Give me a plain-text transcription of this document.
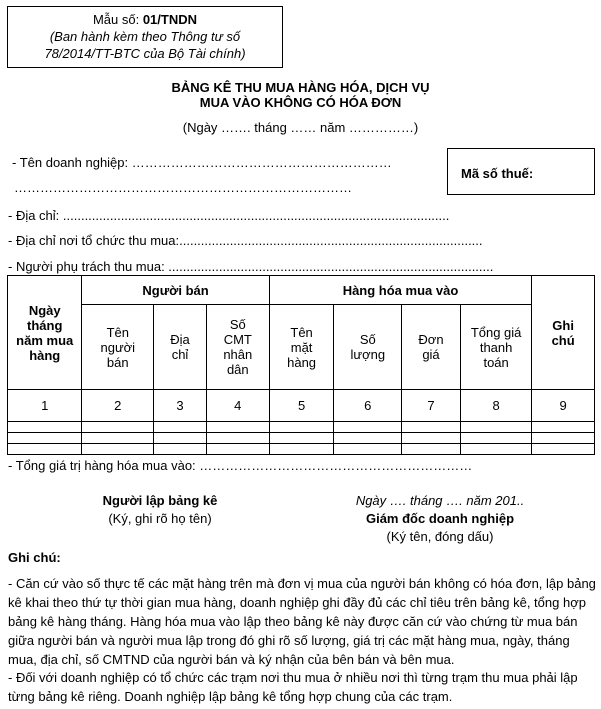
Mẫu số: 01/TNDN
(Ban hành kèm theo Thông tư số
78/2014/TT-BTC của Bộ Tài chính)
BẢNG KÊ THU MUA HÀNG HÓA, DỊCH VỤ
MUA VÀO KHÔNG CÓ HÓA ĐƠN
(Ngày ……. tháng …… năm ……………)
- Tên doanh nghiệp: ……………………………………………………
……………………………………………………………………
Mã số thuế:
- Địa chỉ: ...........................................................................................................
- Địa chỉ nơi tổ chức thu mua:....................................................................................
- Người phụ trách thu mua: ..........................................................................................
Ngày tháng năm mua hàng	Người bán			Hàng hóa mua vào				Ghi chú
	Tên người bán	Địa chỉ	Số CMT nhân dân	Tên mặt hàng	Số lượng	Đơn giá	Tổng giá thanh toán	
1	2	3	4	5	6	7	8	9

- Tổng giá trị hàng hóa mua vào: ………………………………………………………
Người lập bảng kê
(Ký, ghi rõ họ tên)
Ngày …. tháng …. năm 201..
Giám đốc doanh nghiệp
(Ký tên, đóng dấu)
Ghi chú:
- Căn cứ vào số thực tế các mặt hàng trên mà đơn vị mua của người bán không có hóa đơn, lập bảng kê khai theo thứ tự thời gian mua hàng, doanh nghiệp ghi đầy đủ các chỉ tiêu trên bảng kê, tổng hợp bảng kê hàng tháng. Hàng hóa mua vào lập theo bảng kê này được căn cứ vào chứng từ mua bán giữa người bán và người mua lập trong đó ghi rõ số lượng, giá trị các mặt hàng mua, ngày, tháng mua, địa chỉ, số CMTND của người bán và ký nhận của bên bán và bên mua.
- Đối với doanh nghiệp có tổ chức các trạm nơi thu mua ở nhiều nơi thì từng trạm thu mua phải lập từng bảng kê riêng. Doanh nghiệp lập bảng kê tổng hợp chung của các trạm.
